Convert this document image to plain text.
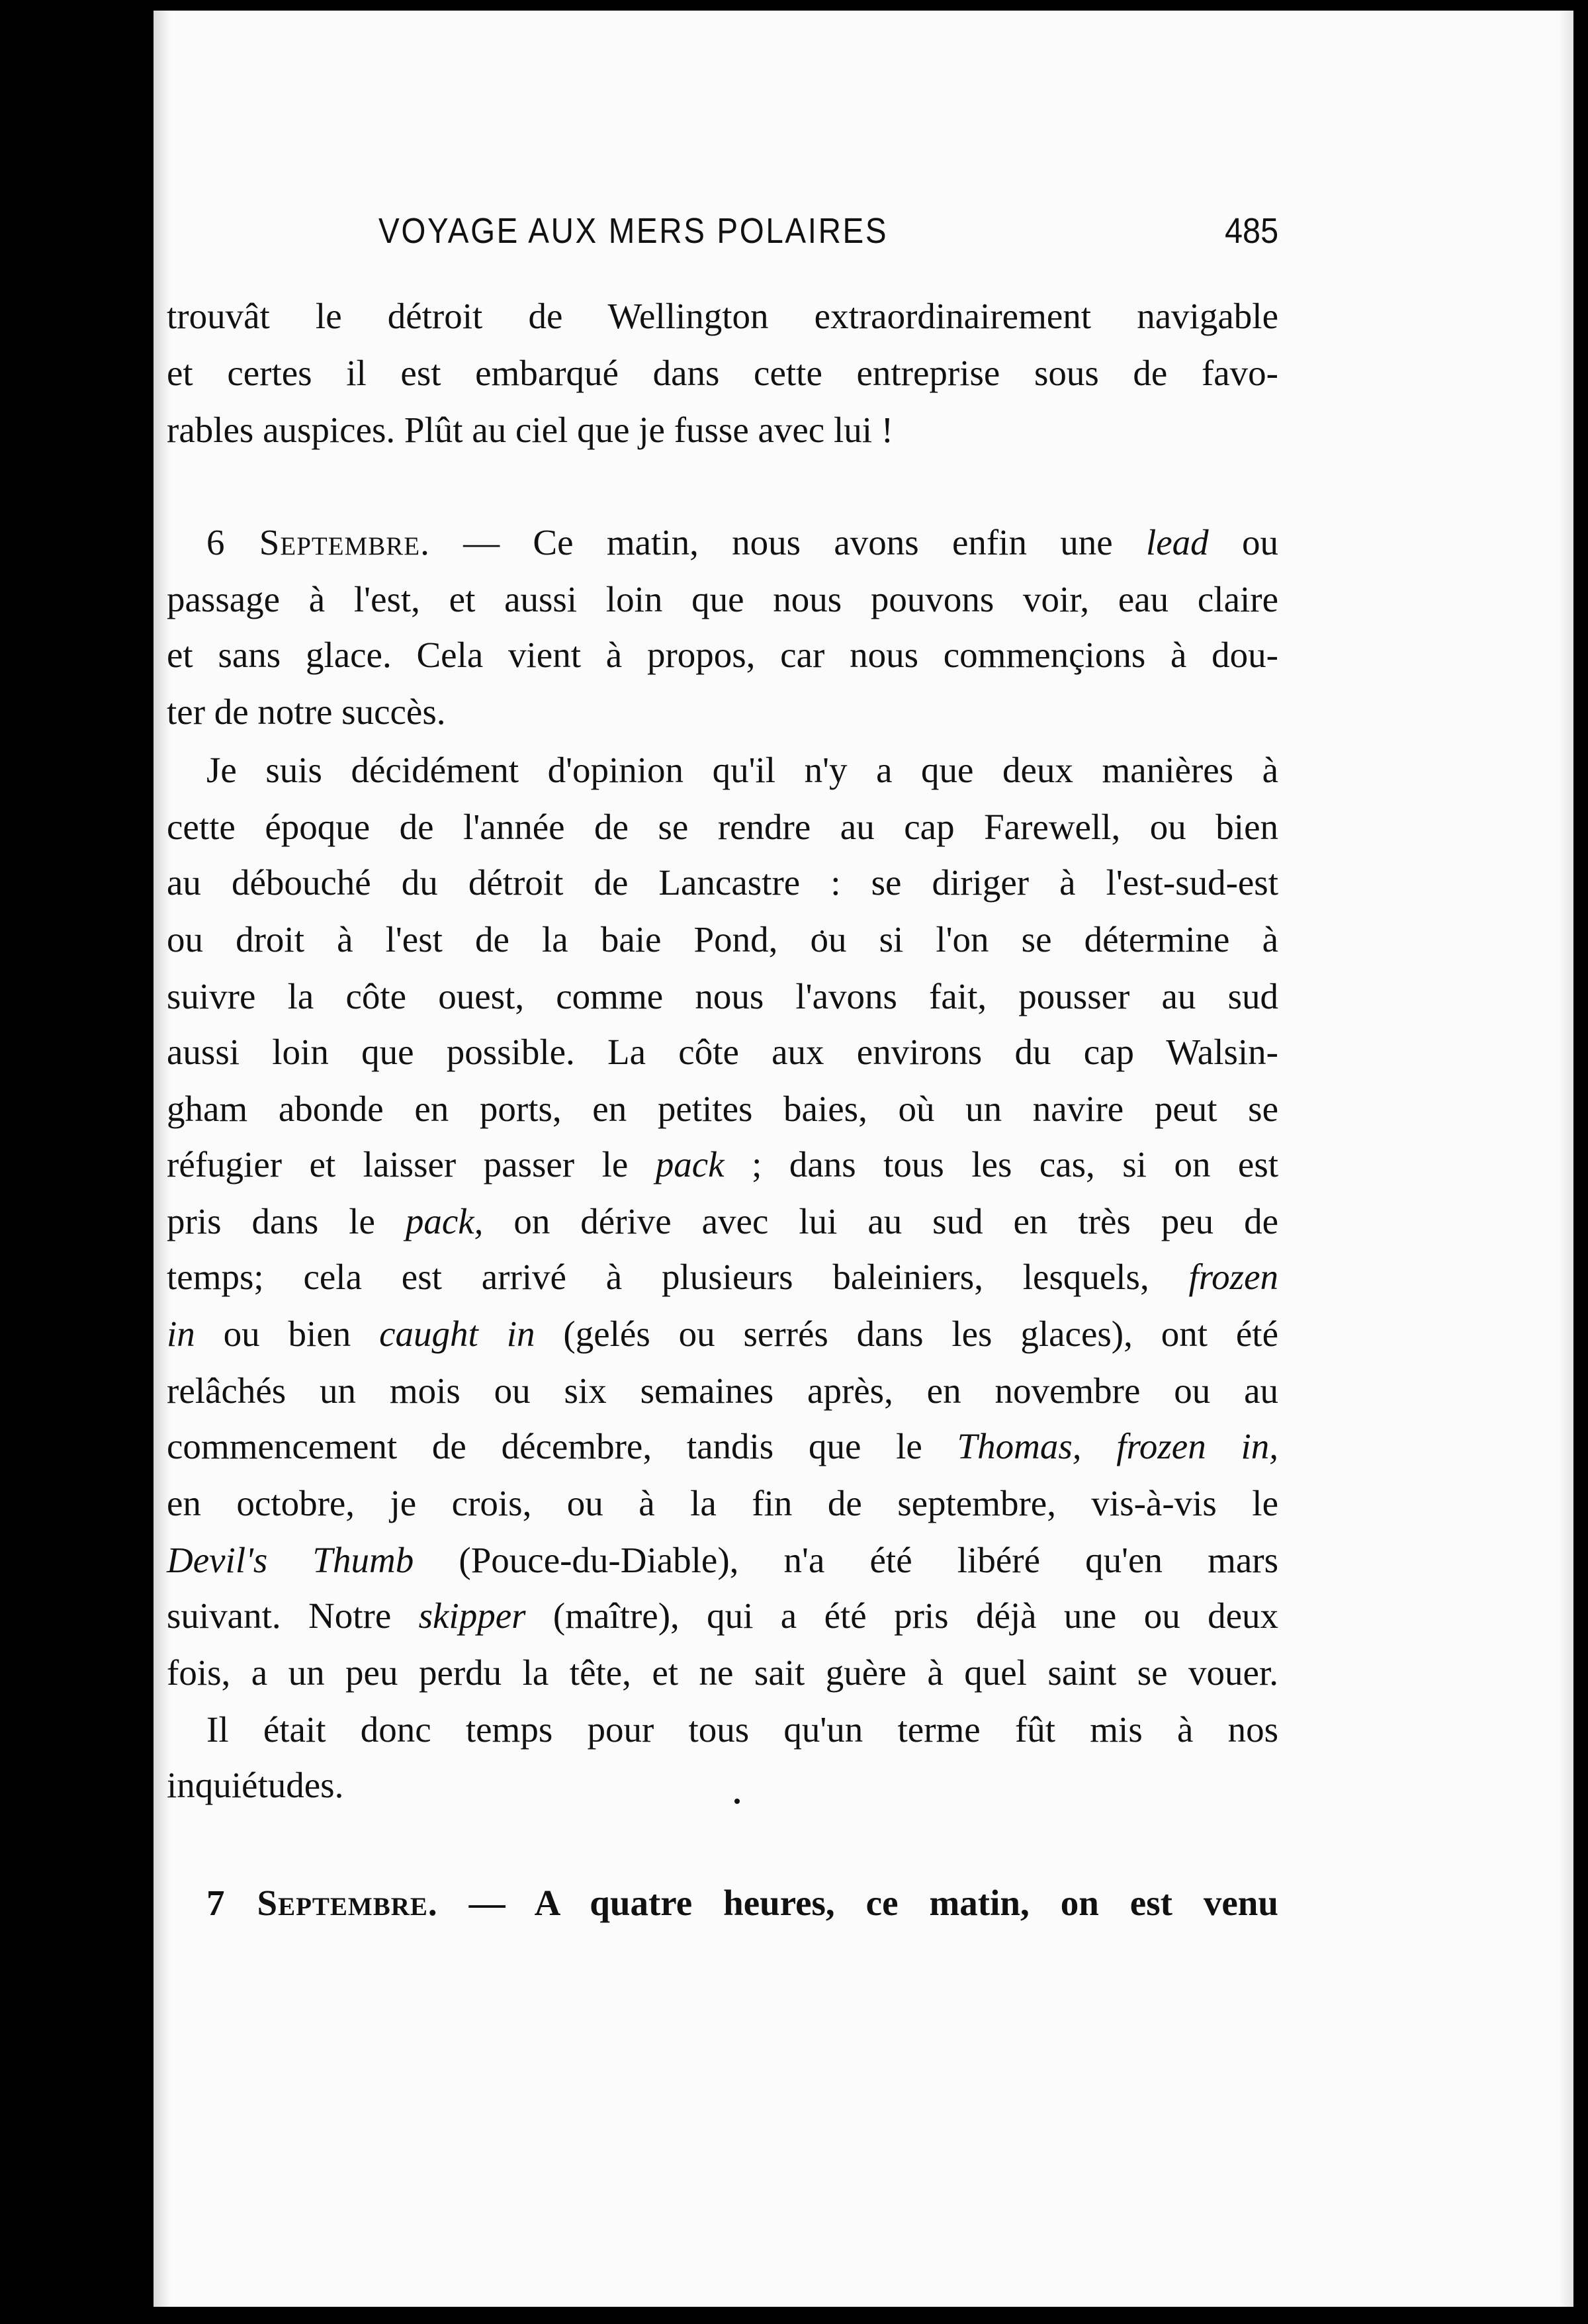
VOYAGE AUX MERS POLAIRES	485
trouvât le détroit de Wellington extraordinairement navigable
et certes il est embarqué dans cette entreprise sous de favo-
rables auspices. Plût au ciel que je fusse avec lui !
6 Septembre. — Ce matin, nous avons enfin une lead ou
passage à l'est, et aussi loin que nous pouvons voir, eau claire
et sans glace. Cela vient à propos, car nous commençions à dou-
ter de notre succès.
Je suis décidément d'opinion qu'il n'y a que deux manières à
cette époque de l'année de se rendre au cap Farewell, ou bien
au débouché du détroit de Lancastre : se diriger à l'est-sud-est
ou droit à l'est de la baie Pond, ou si l'on se détermine à
suivre la côte ouest, comme nous l'avons fait, pousser au sud
aussi loin que possible. La côte aux environs du cap Walsin-
gham abonde en ports, en petites baies, où un navire peut se
réfugier et laisser passer le pack ; dans tous les cas, si on est
pris dans le pack, on dérive avec lui au sud en très peu de
temps; cela est arrivé à plusieurs baleiniers, lesquels, frozen
in ou bien caught in (gelés ou serrés dans les glaces), ont été
relâchés un mois ou six semaines après, en novembre ou au
commencement de décembre, tandis que le Thomas, frozen in,
en octobre, je crois, ou à la fin de septembre, vis-à-vis le
Devil's Thumb (Pouce-du-Diable), n'a été libéré qu'en mars
suivant. Notre skipper (maître), qui a été pris déjà une ou deux
fois, a un peu perdu la tête, et ne sait guère à quel saint se vouer.
Il était donc temps pour tous qu'un terme fût mis à nos
inquiétudes.
7 Septembre. — A quatre heures, ce matin, on est venu
